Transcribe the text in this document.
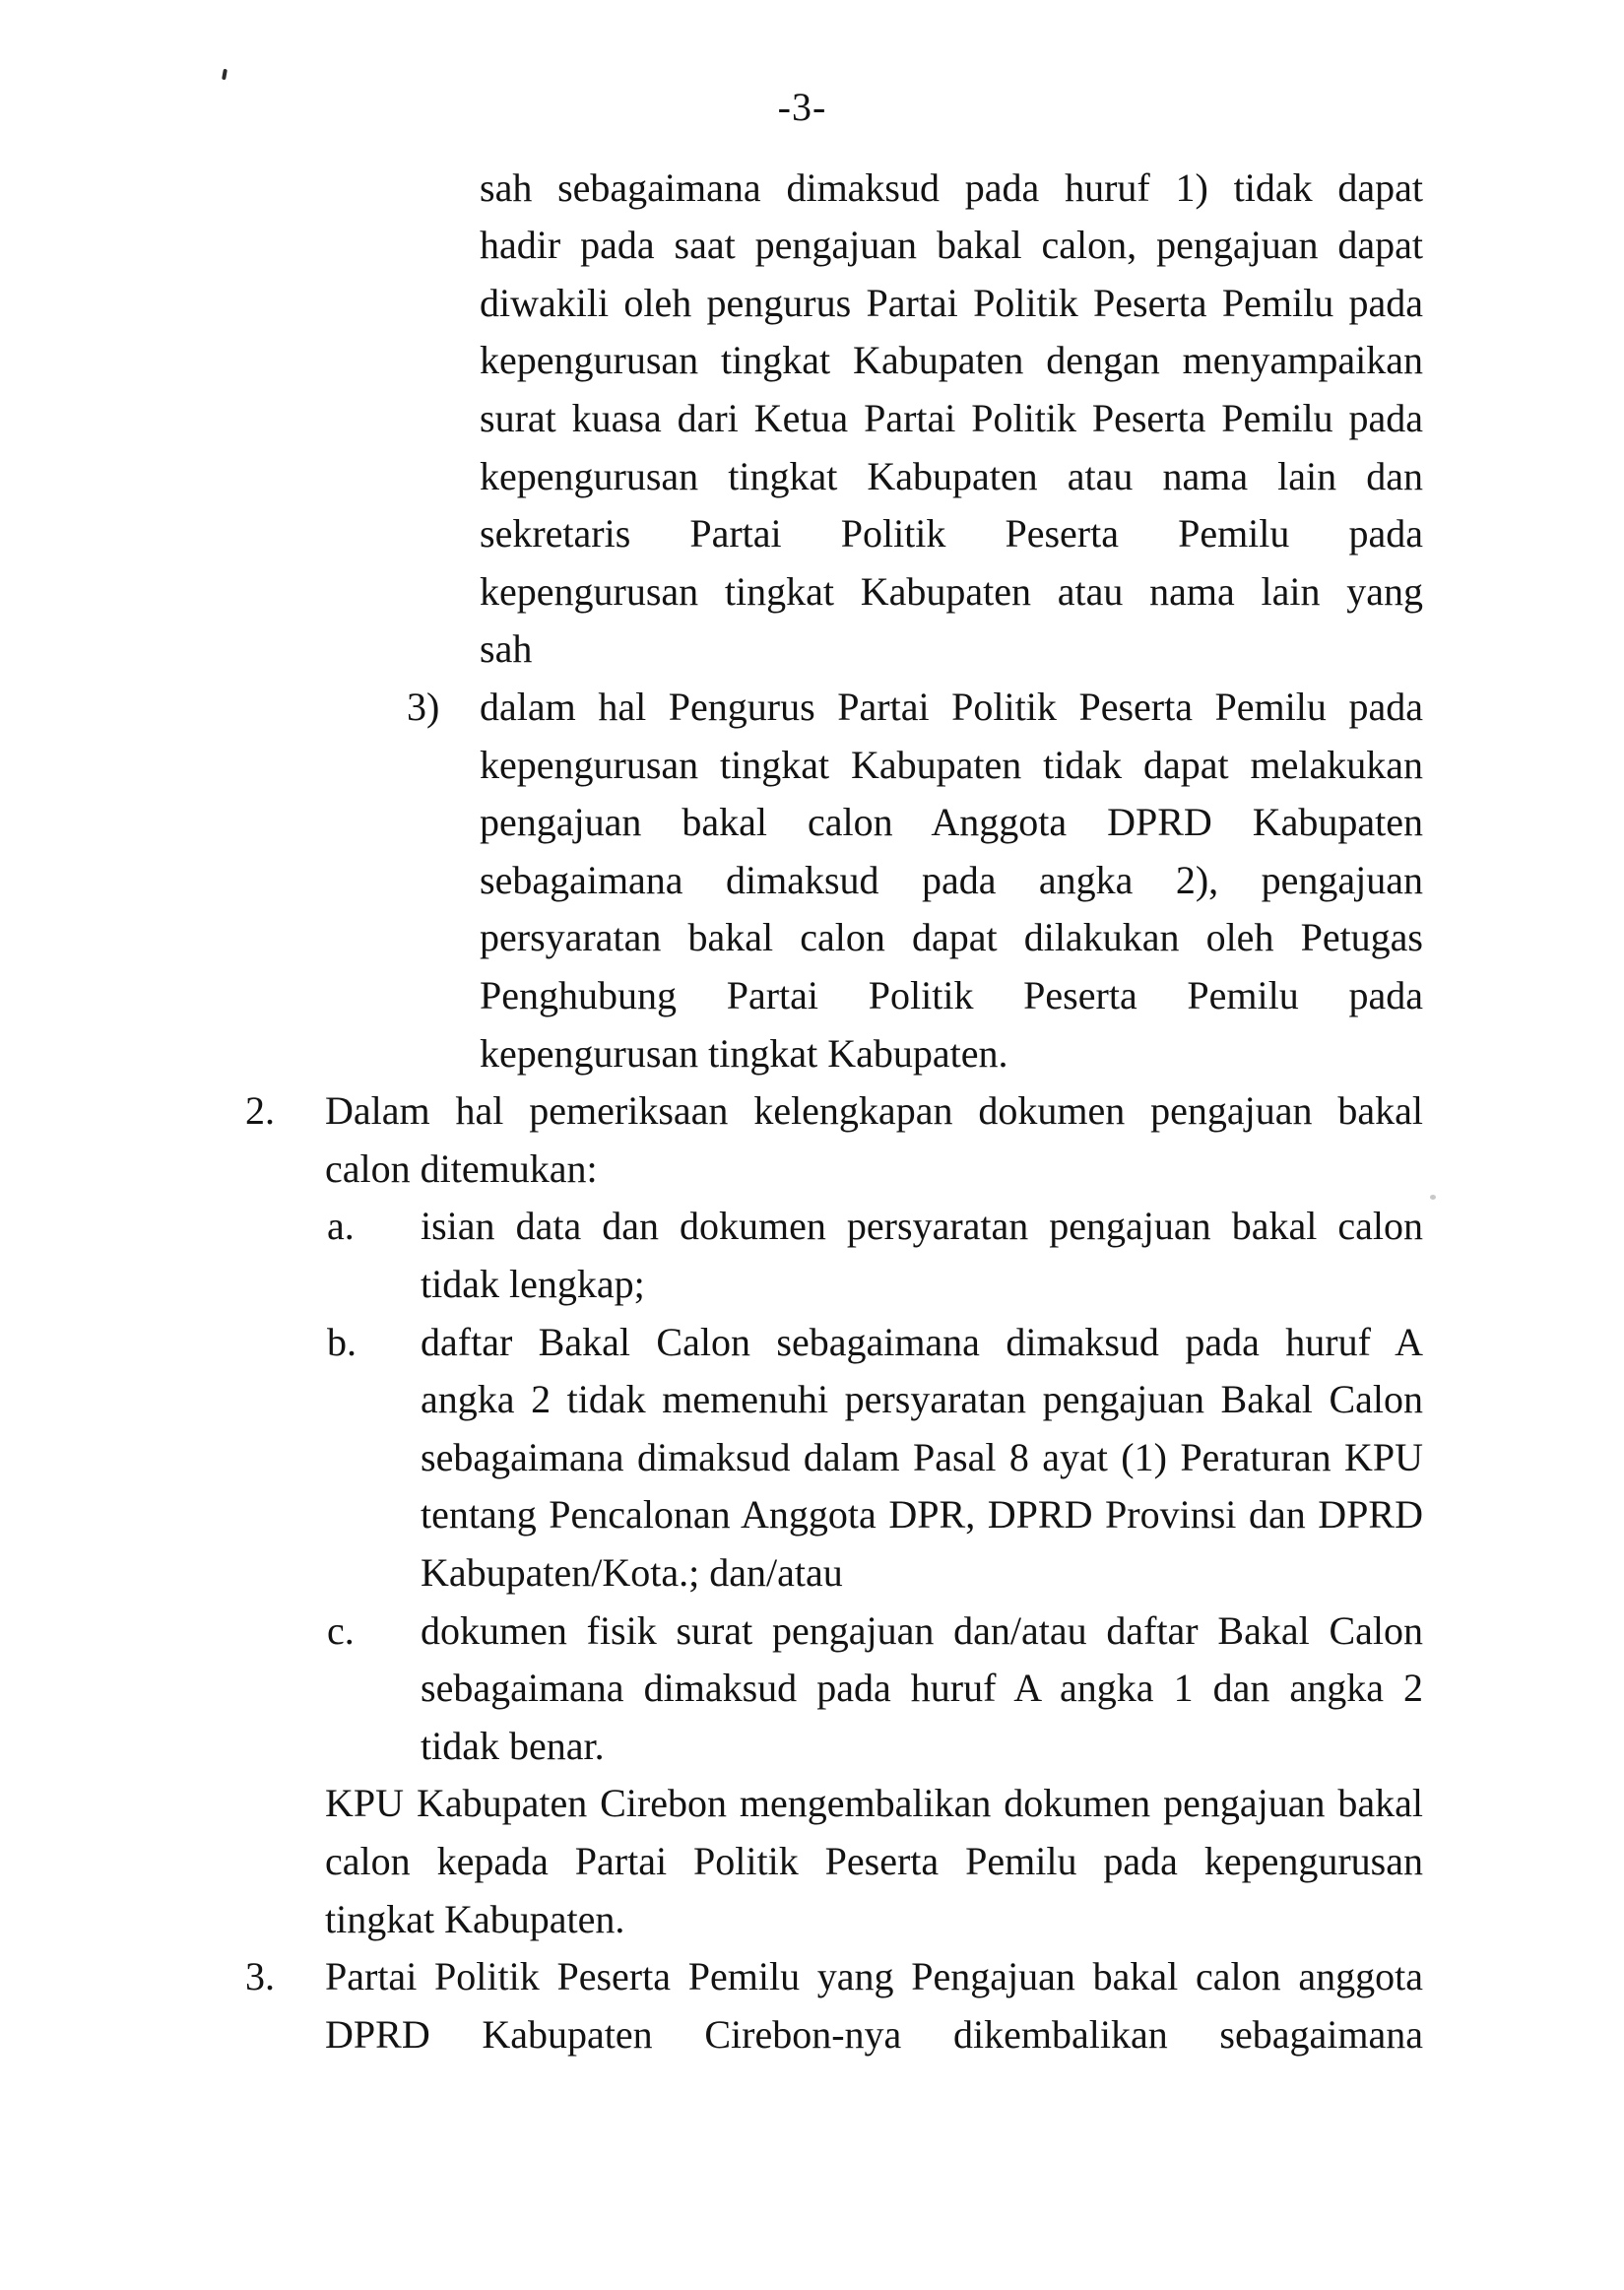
-3-
sah sebagaimana dimaksud pada huruf 1) tidak dapat
hadir pada saat pengajuan bakal calon, pengajuan dapat
diwakili oleh pengurus Partai Politik Peserta Pemilu pada
kepengurusan tingkat Kabupaten dengan menyampaikan
surat kuasa dari Ketua Partai Politik Peserta Pemilu pada
kepengurusan tingkat Kabupaten atau nama lain dan
sekretaris Partai Politik Peserta Pemilu pada
kepengurusan tingkat Kabupaten atau nama lain yang
sah
3)	dalam hal Pengurus Partai Politik Peserta Pemilu pada
kepengurusan tingkat Kabupaten tidak dapat melakukan
pengajuan bakal calon Anggota DPRD Kabupaten
sebagaimana dimaksud pada angka 2), pengajuan
persyaratan bakal calon dapat dilakukan oleh Petugas
Penghubung Partai Politik Peserta Pemilu pada
kepengurusan tingkat Kabupaten.
2.	Dalam hal pemeriksaan kelengkapan dokumen pengajuan bakal
calon ditemukan:
a.	isian data dan dokumen persyaratan pengajuan bakal calon
tidak lengkap;
b.	daftar Bakal Calon sebagaimana dimaksud pada huruf A
angka 2 tidak memenuhi persyaratan pengajuan Bakal Calon
sebagaimana dimaksud dalam Pasal 8 ayat (1) Peraturan KPU
tentang Pencalonan Anggota DPR, DPRD Provinsi dan DPRD
Kabupaten/Kota.; dan/atau
c.	dokumen fisik surat pengajuan dan/atau daftar Bakal Calon
sebagaimana dimaksud pada huruf A angka 1 dan angka 2
tidak benar.
KPU Kabupaten Cirebon mengembalikan dokumen pengajuan bakal
calon kepada Partai Politik Peserta Pemilu pada kepengurusan
tingkat Kabupaten.
3.	Partai Politik Peserta Pemilu yang Pengajuan bakal calon anggota
DPRD Kabupaten Cirebon-nya dikembalikan sebagaimana
